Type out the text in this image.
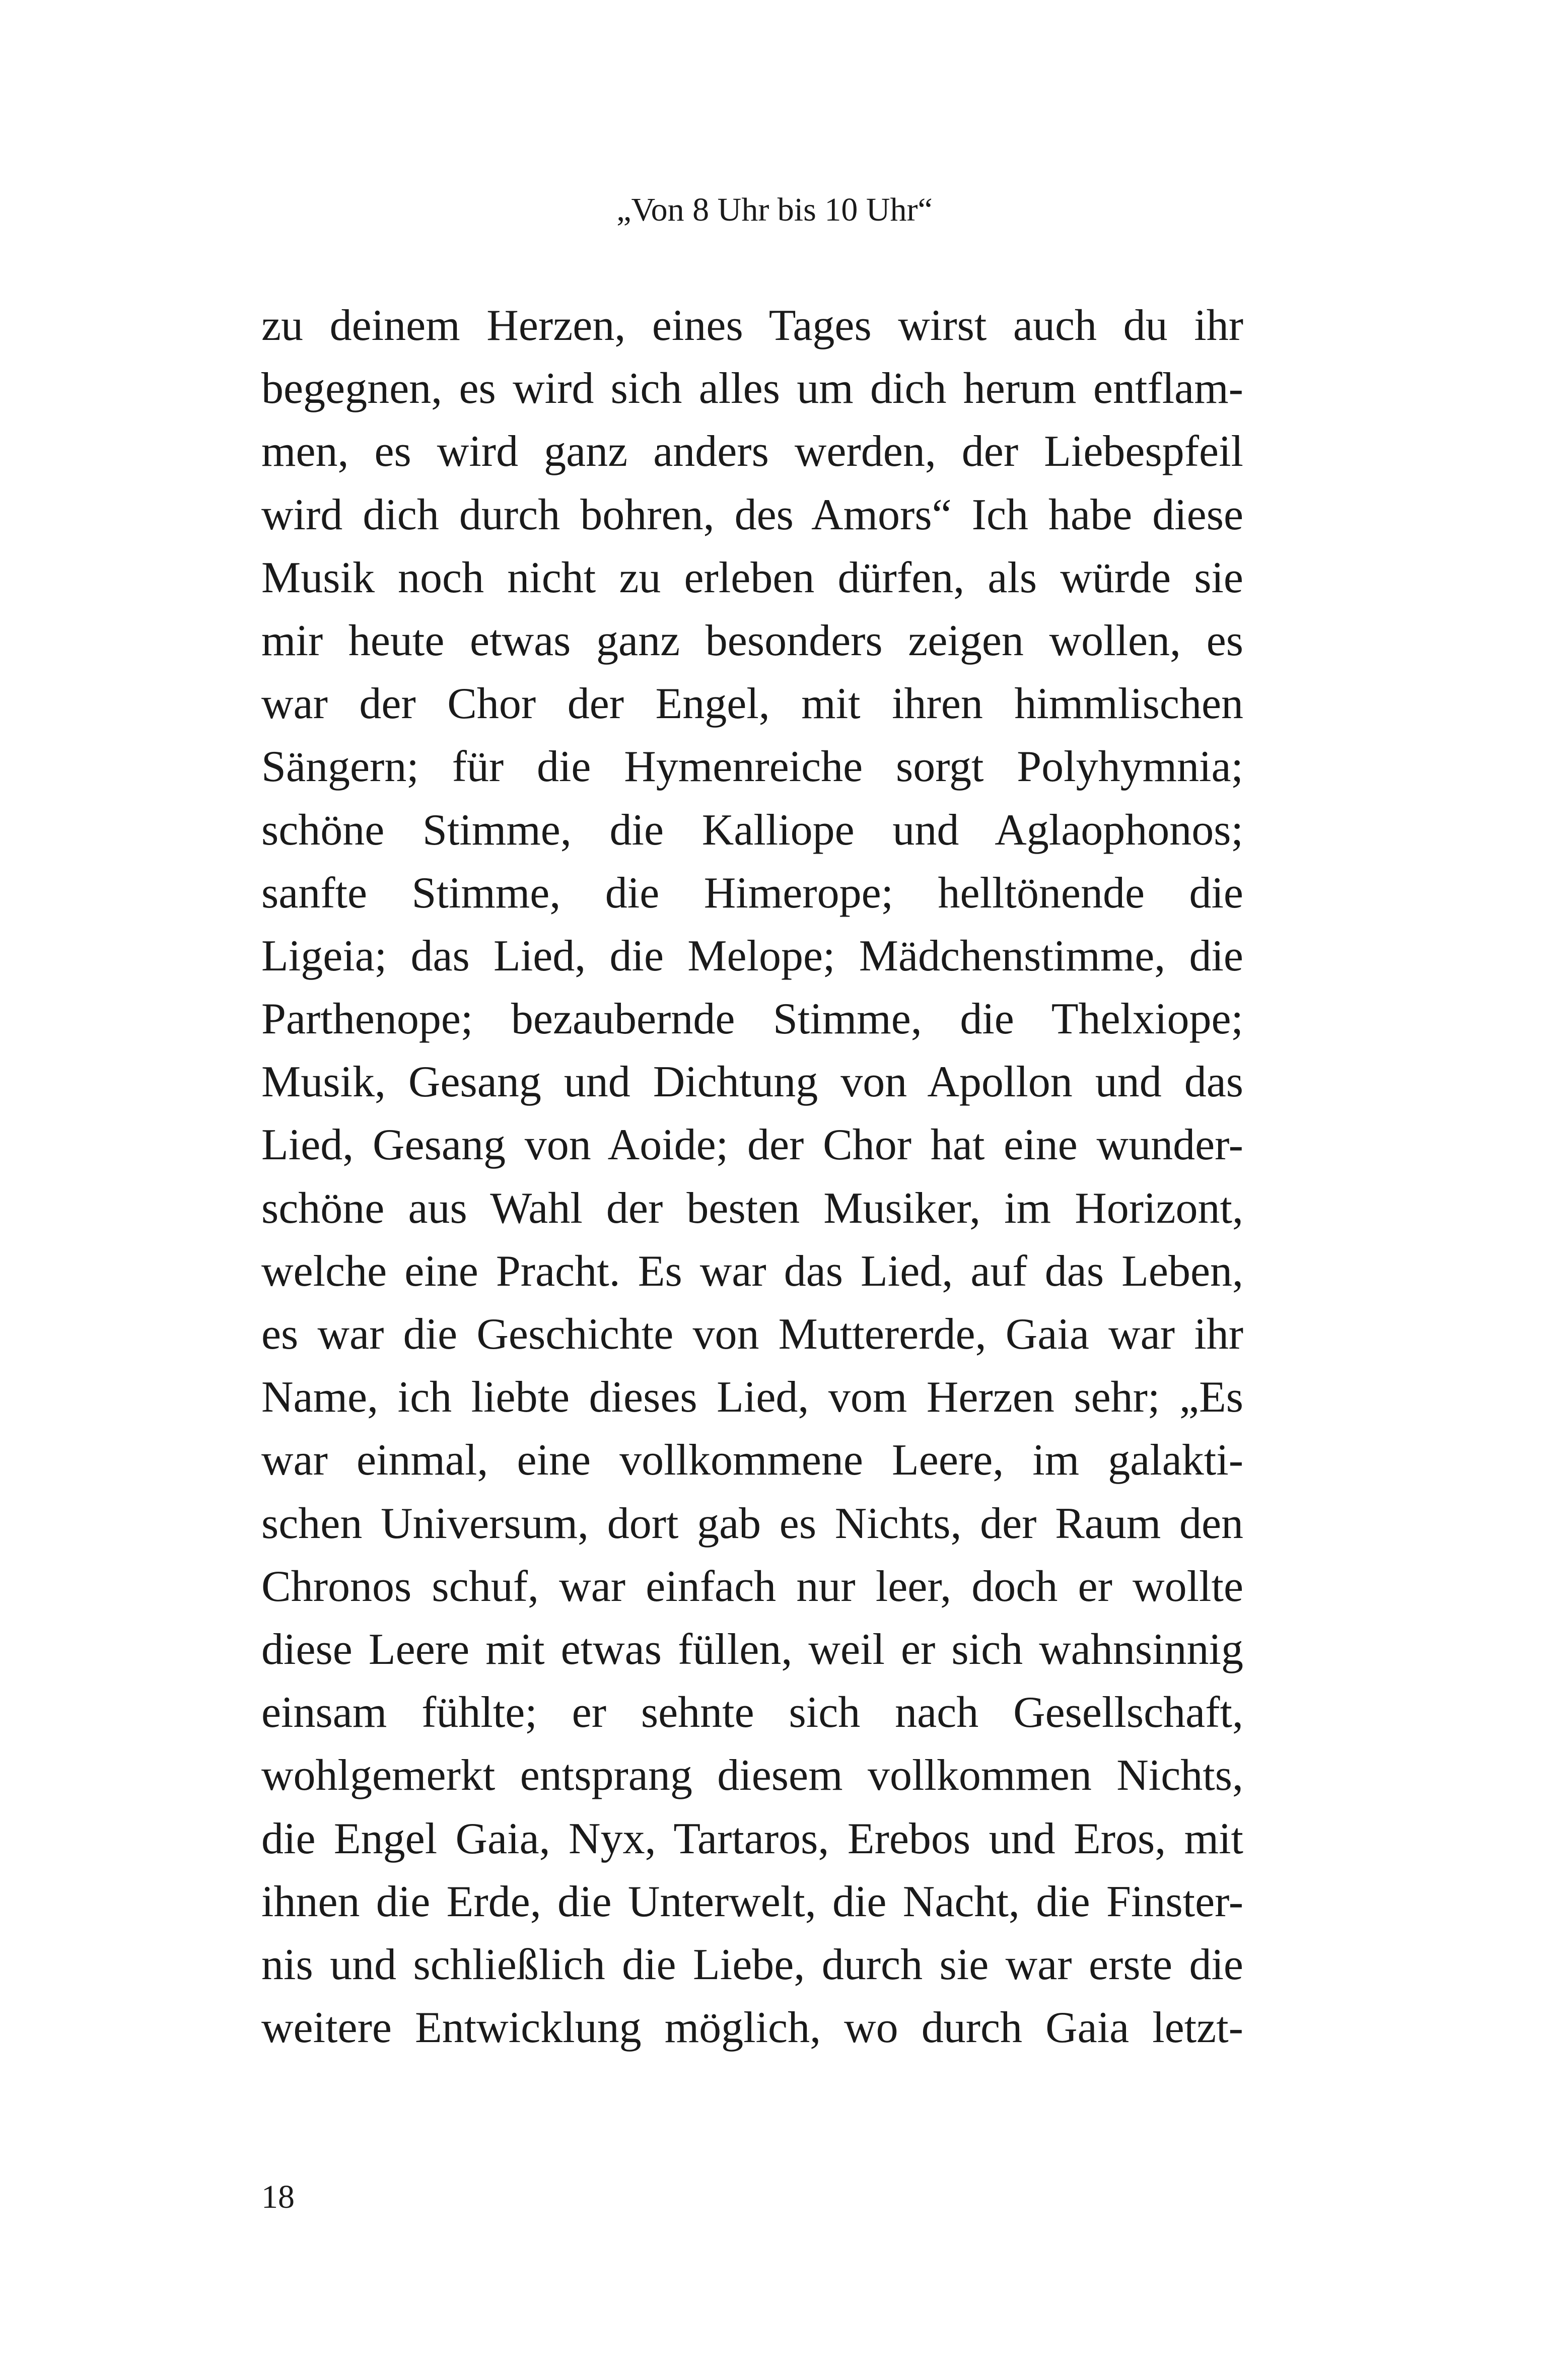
„Von 8 Uhr bis 10 Uhr“
zu deinem Herzen, eines Tages wirst auch du ihr
begegnen, es wird sich alles um dich herum entflam-
men, es wird ganz anders werden, der Liebespfeil
wird dich durch bohren, des Amors“ Ich habe diese
Musik noch nicht zu erleben dürfen, als würde sie
mir heute etwas ganz besonders zeigen wollen, es
war der Chor der Engel, mit ihren himmlischen
Sängern; für die Hymenreiche sorgt Polyhymnia;
schöne Stimme, die Kalliope und Aglaophonos;
sanfte Stimme, die Himerope; helltönende die
Ligeia; das Lied, die Melope; Mädchenstimme, die
Parthenope; bezaubernde Stimme, die Thelxiope;
Musik, Gesang und Dichtung von Apollon und das
Lied, Gesang von Aoide; der Chor hat eine wunder-
schöne aus Wahl der besten Musiker, im Horizont,
welche eine Pracht. Es war das Lied, auf das Leben,
es war die Geschichte von Muttererde, Gaia war ihr
Name, ich liebte dieses Lied, vom Herzen sehr; „Es
war einmal, eine vollkommene Leere, im galakti-
schen Universum, dort gab es Nichts, der Raum den
Chronos schuf, war einfach nur leer, doch er wollte
diese Leere mit etwas füllen, weil er sich wahnsinnig
einsam fühlte; er sehnte sich nach Gesellschaft,
wohlgemerkt entsprang diesem vollkommen Nichts,
die Engel Gaia, Nyx, Tartaros, Erebos und Eros, mit
ihnen die Erde, die Unterwelt, die Nacht, die Finster-
nis und schließlich die Liebe, durch sie war erste die
weitere Entwicklung möglich, wo durch Gaia letzt-
18
